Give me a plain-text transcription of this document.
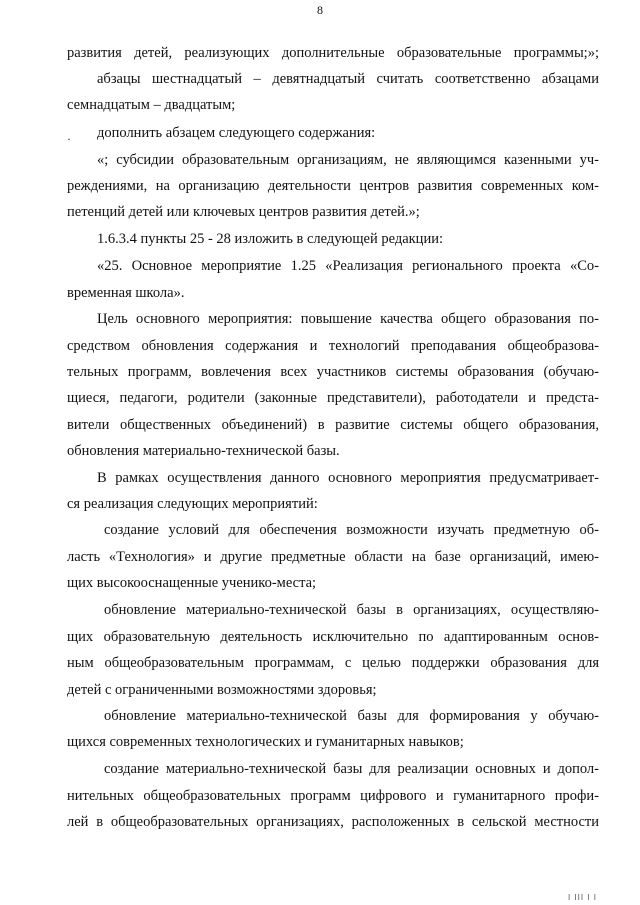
8

развития детей, реализующих дополнительные образовательные программы;»;

абзацы шестнадцатый – девятнадцатый считать соответственно абзацами

семнадцатым – двадцатым;

· дополнить абзацем следующего содержания:

«; субсидии образовательным организациям, не являющимся казенными уч-

реждениями, на организацию деятельности центров развития современных ком-

петенций детей или ключевых центров развития детей.»;

1.6.3.4 пункты 25 - 28 изложить в следующей редакции:

«25. Основное мероприятие 1.25 «Реализация регионального проекта «Со-

временная школа».

Цель основного мероприятия: повышение качества общего образования по-

средством обновления содержания и технологий преподавания общеобразова-

тельных программ, вовлечения всех участников системы образования (обучаю-

щиеся, педагоги, родители (законные представители), работодатели и предста-

вители общественных объединений) в развитие системы общего образования,

обновления материально-технической базы.

В рамках осуществления данного основного мероприятия предусматривает-

ся реализация следующих мероприятий:

создание условий для обеспечения возможности изучать предметную об-

ласть «Технология» и другие предметные области на базе организаций, имею-

щих высокооснащенные ученико-места;

обновление материально-технической базы в организациях, осуществляю-

щих образовательную деятельность исключительно по адаптированным основ-

ным общеобразовательным программам, с целью поддержки образования для

детей с ограниченными возможностями здоровья;

обновление материально-технической базы для формирования у обучаю-

щихся современных технологических и гуманитарных навыков;

создание материально-технической базы для реализации основных и допол-

нительных общеобразовательных программ цифрового и гуманитарного профи-

лей в общеобразовательных организациях, расположенных в сельской местности

I III I I
